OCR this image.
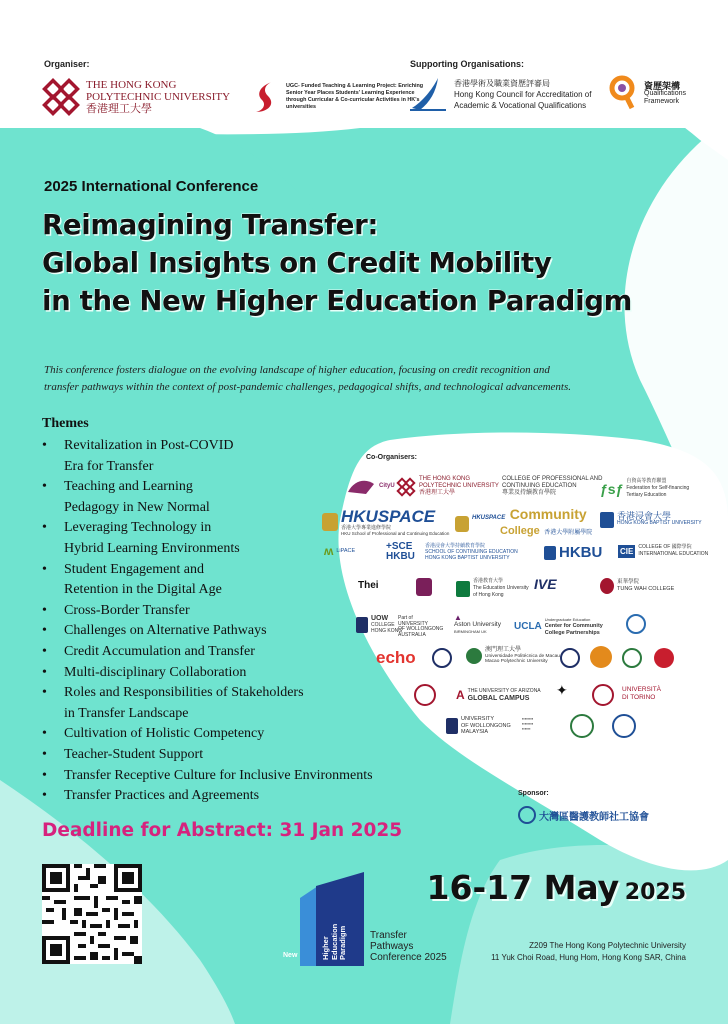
Organiser:	Supporting Organisations:
THE HONG KONG
POLYTECHNIC UNIVERSITY
香港理工大學
UGC- Funded Teaching & Learning Project: Enriching Senior Year Places Students' Learning Experience through Curricular & Co-curricular Activities in HK's universities
香港學術及職業資歷評審局
Hong Kong Council for Accreditation of
Academic & Vocational Qualifications
資歷架構
Qualifications
Framework
2025 International Conference
Reimagining Transfer:
Global Insights on Credit Mobility
in the New Higher Education Paradigm
This conference fosters dialogue on the evolving landscape of higher education, focusing on credit recognition and
transfer pathways within the context of post-pandemic challenges, pedagogical shifts, and technological advancements.
Themes
• Revitalization in Post-COVID
Era for Transfer
• Teaching and Learning
Pedagogy in New Normal
• Leveraging Technology in
Hybrid Learning Environments
• Student Engagement and
Retention in the Digital Age
• Cross-Border Transfer
• Challenges on Alternative Pathways
• Credit Accumulation and Transfer
• Multi-disciplinary Collaboration
• Roles and Responsibilities of Stakeholders
in Transfer Landscape
• Cultivation of Holistic Competency
• Teacher-Student Support
• Transfer Receptive Culture for Inclusive Environments
• Transfer Practices and Agreements
Deadline for Abstract: 31 Jan 2025
Co-Organisers:
CityU
THE HONG KONG
POLYTECHNIC UNIVERSITY
香港理工大學
COLLEGE OF PROFESSIONAL AND
CONTINUING EDUCATION
專業及持續教育學院	ƒsƒ 自資高等教育聯盟
Federation for Self-financing
Tertiary Education
HKUSPACE
香港大學專業進修學院
HKU School of Professional and Continuing Education
HKUSPACE Community
College 香港大學附屬學院
香港浸會大學
HONG KONG BAPTIST UNIVERSITY
ʍ LiPACE	+SCE
HKBU
香港浸會大學持續教育學院
SCHOOL OF CONTINUING EDUCATION
HONG KONG BAPTIST UNIVERSITY	HKBU CIE	COLLEGE OF 國際學院
INTERNATIONAL EDUCATION
Thei	香港教育大學
The Education University
of Hong Kong
IVE	東華學院
TUNG WAH COLLEGE
UOW
COLLEGE
HONG KONG
Part of
UNIVERSITY
OF WOLLONGONG
AUSTRALIA
▲
Aston University
BIRMINGHAM UK	UCLA
Undergraduate Education
Center for Community
College Partnerships
echo	澳門理工大學
Universidade Politécnica de Macau
Macao Polytechnic University
A THE UNIVERSITY OF ARIZONA
GLOBAL CAMPUS
✦	UNIVERSITÀ
DI TORINO
UNIVERSITY
OF WOLLONGONG
MALAYSIA
▪▪▪▪▪▪▪▪
▪▪▪▪▪▪▪▪
▪▪▪▪▪▪
Sponsor:
大灣區醫護教師社工協會
New	Higher Education Paradigm Transfer
Pathways
Conference 2025
16-17 May 2025
Z209 The Hong Kong Polytechnic University
11 Yuk Choi Road, Hung Hom, Hong Kong SAR, China
